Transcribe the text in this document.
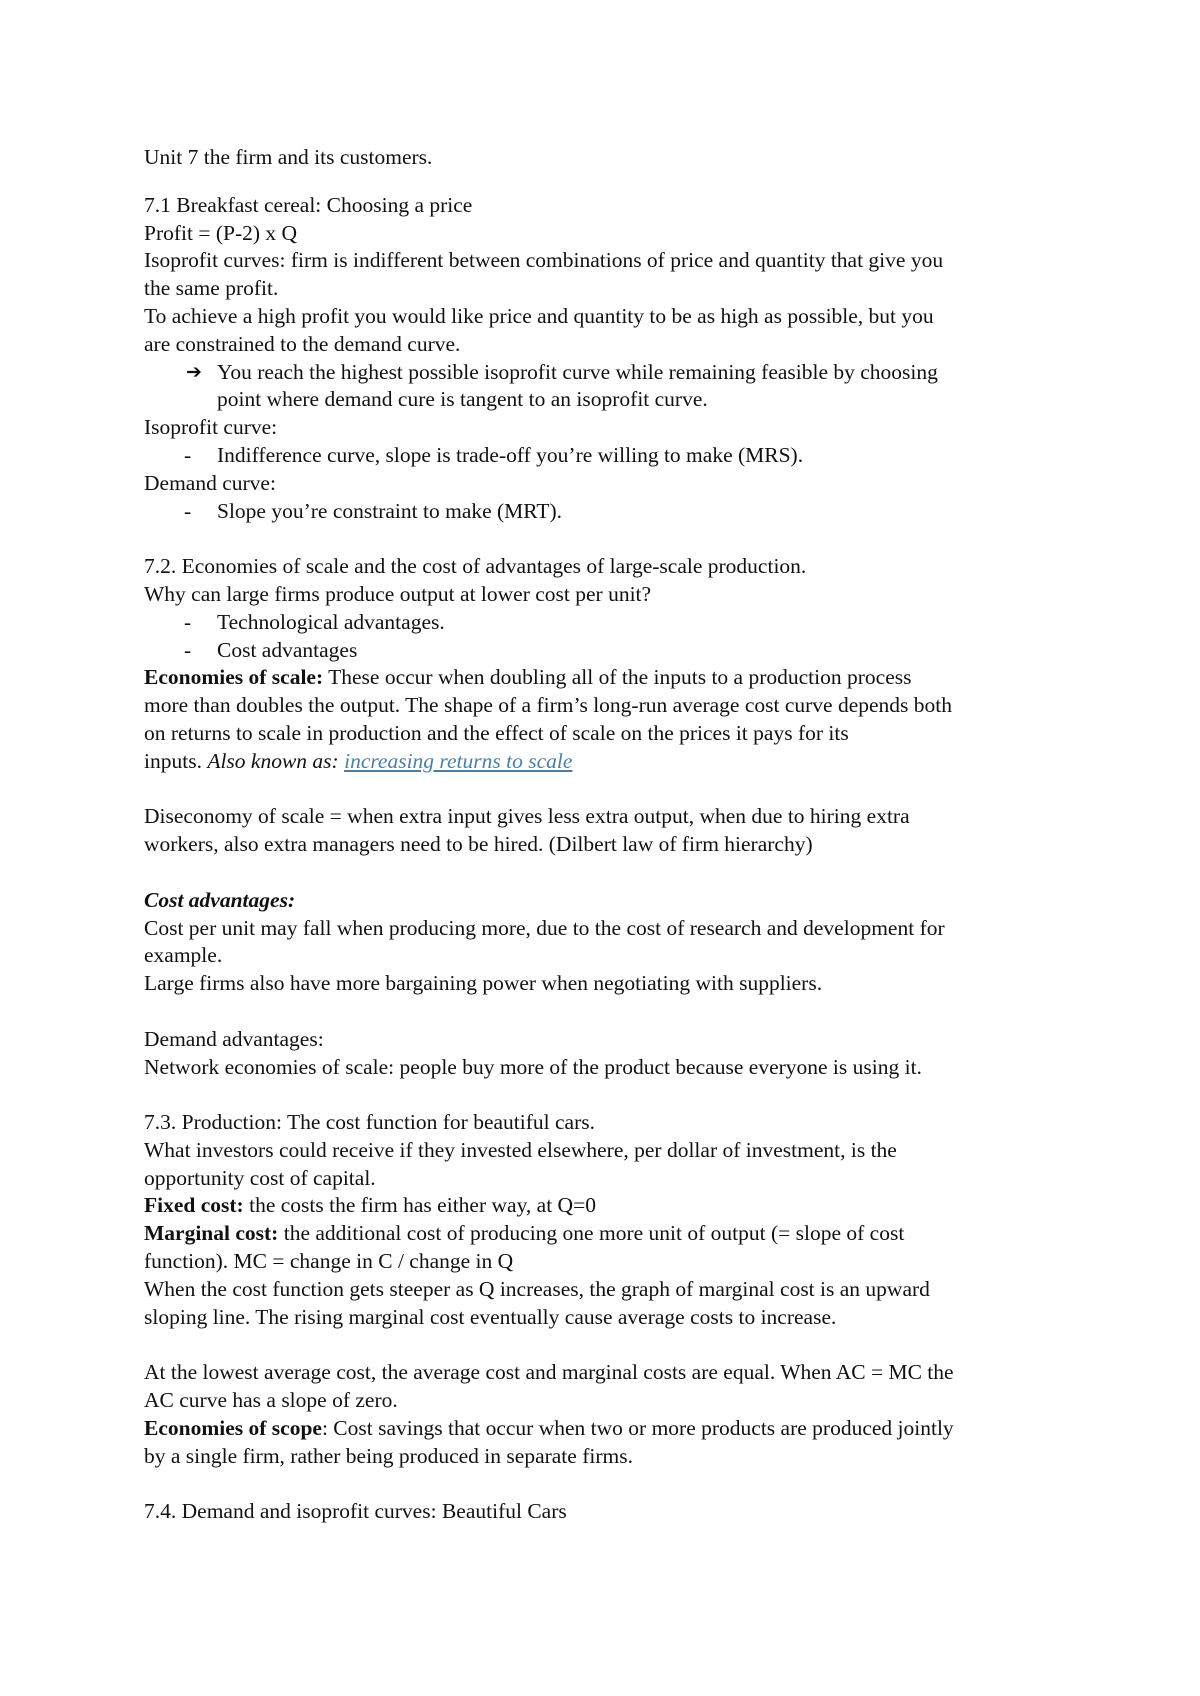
Unit 7 the firm and its customers.

7.1 Breakfast cereal: Choosing a price

Profit = (P-2) x Q

Isoprofit curves: firm is indifferent between combinations of price and quantity that give you

the same profit.

To achieve a high profit you would like price and quantity to be as high as possible, but you

are constrained to the demand curve.

➔ You reach the highest possible isoprofit curve while remaining feasible by choosing
point where demand cure is tangent to an isoprofit curve.

Isoprofit curve:

- Indifference curve, slope is trade-off you’re willing to make (MRS).

Demand curve:

- Slope you’re constraint to make (MRT).

7.2. Economies of scale and the cost of advantages of large-scale production.

Why can large firms produce output at lower cost per unit?

- Technological advantages.
- Cost advantages

Economies of scale: These occur when doubling all of the inputs to a production process

more than doubles the output. The shape of a firm’s long-run average cost curve depends both

on returns to scale in production and the effect of scale on the prices it pays for its

inputs. Also known as: increasing returns to scale

Diseconomy of scale = when extra input gives less extra output, when due to hiring extra

workers, also extra managers need to be hired. (Dilbert law of firm hierarchy)

Cost advantages:

Cost per unit may fall when producing more, due to the cost of research and development for

example.

Large firms also have more bargaining power when negotiating with suppliers.

Demand advantages:

Network economies of scale: people buy more of the product because everyone is using it.

7.3. Production: The cost function for beautiful cars.

What investors could receive if they invested elsewhere, per dollar of investment, is the

opportunity cost of capital.

Fixed cost: the costs the firm has either way, at Q=0

Marginal cost: the additional cost of producing one more unit of output (= slope of cost

function). MC = change in C / change in Q

When the cost function gets steeper as Q increases, the graph of marginal cost is an upward

sloping line. The rising marginal cost eventually cause average costs to increase.

At the lowest average cost, the average cost and marginal costs are equal. When AC = MC the

AC curve has a slope of zero.

Economies of scope: Cost savings that occur when two or more products are produced jointly

by a single firm, rather being produced in separate firms.

7.4. Demand and isoprofit curves: Beautiful Cars
